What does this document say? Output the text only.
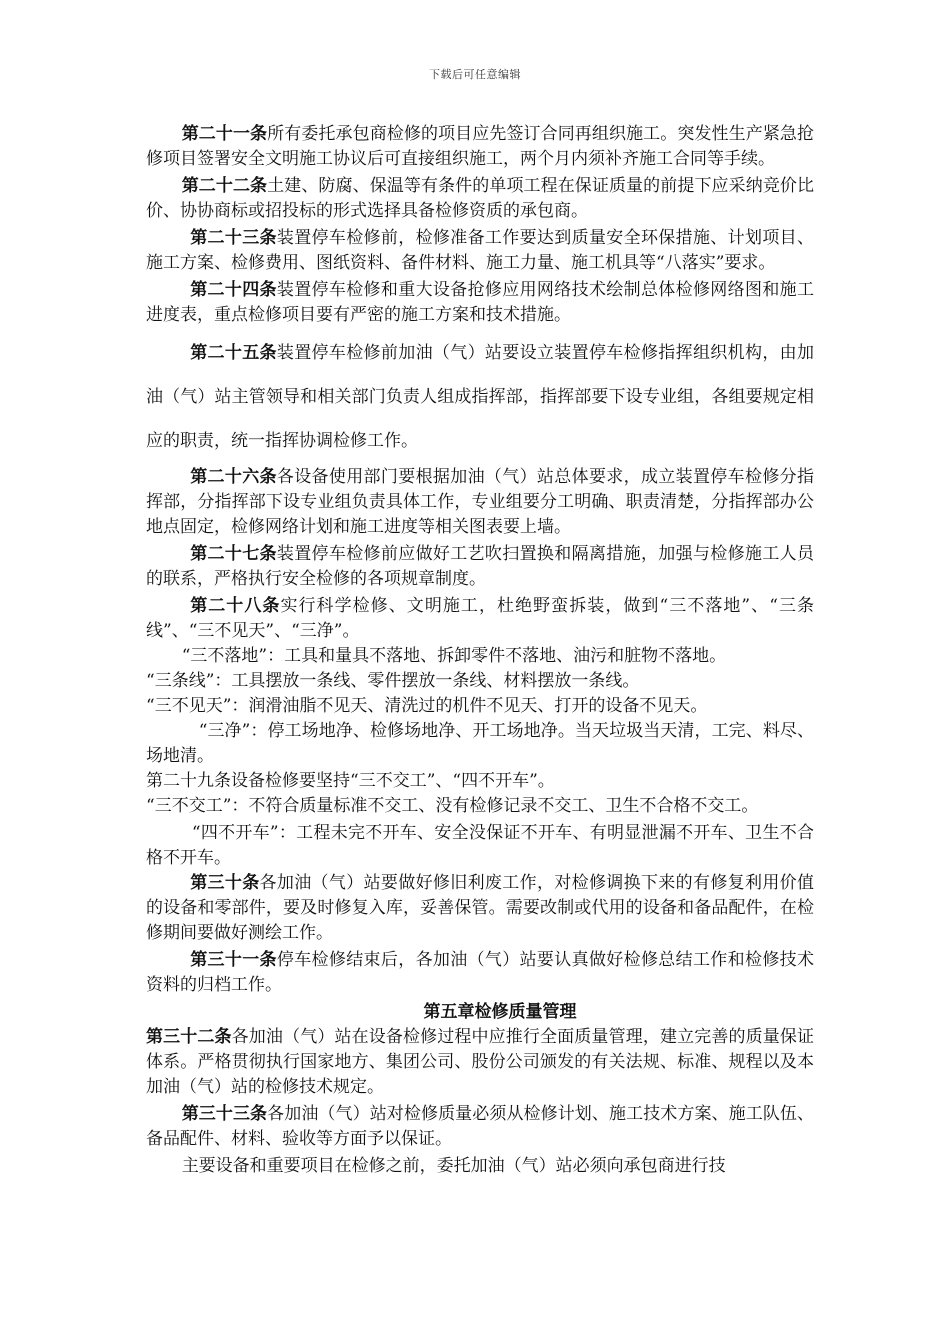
下载后可任意编辑

第二十一条所有委托承包商检修的项目应先签订合同再组织施工。突发性生产紧急抢修项目签署安全文明施工协议后可直接组织施工，两个月内须补齐施工合同等手续。

第二十二条土建、防腐、保温等有条件的单项工程在保证质量的前提下应采纳竞价比价、协协商标或招投标的形式选择具备检修资质的承包商。

第二十三条装置停车检修前，检修准备工作要达到质量安全环保措施、计划项目、施工方案、检修费用、图纸资料、备件材料、施工力量、施工机具等“八落实”要求。

第二十四条装置停车检修和重大设备抢修应用网络技术绘制总体检修网络图和施工进度表，重点检修项目要有严密的施工方案和技术措施。

第二十五条装置停车检修前加油（气）站要设立装置停车检修指挥组织机构，由加油（气）站主管领导和相关部门负责人组成指挥部，指挥部要下设专业组，各组要规定相应的职责，统一指挥协调检修工作。

第二十六条各设备使用部门要根据加油（气）站总体要求，成立装置停车检修分指挥部，分指挥部下设专业组负责具体工作，专业组要分工明确、职责清楚，分指挥部办公地点固定，检修网络计划和施工进度等相关图表要上墙。

第二十七条装置停车检修前应做好工艺吹扫置换和隔离措施，加强与检修施工人员的联系，严格执行安全检修的各项规章制度。

第二十八条实行科学检修、文明施工，杜绝野蛮拆装，做到“三不落地”、“三条线”、“三不见天”、“三净”。

“三不落地”：工具和量具不落地、拆卸零件不落地、油污和脏物不落地。

“三条线”：工具摆放一条线、零件摆放一条线、材料摆放一条线。

“三不见天”：润滑油脂不见天、清洗过的机件不见天、打开的设备不见天。

“三净”：停工场地净、检修场地净、开工场地净。当天垃圾当天清，工完、料尽、场地清。

第二十九条设备检修要坚持“三不交工”、“四不开车”。

“三不交工”：不符合质量标准不交工、没有检修记录不交工、卫生不合格不交工。

“四不开车”：工程未完不开车、安全没保证不开车、有明显泄漏不开车、卫生不合格不开车。

第三十条各加油（气）站要做好修旧利废工作，对检修调换下来的有修复利用价值的设备和零部件，要及时修复入库，妥善保管。需要改制或代用的设备和备品配件，在检修期间要做好测绘工作。

第三十一条停车检修结束后，各加油（气）站要认真做好检修总结工作和检修技术资料的归档工作。

第五章检修质量管理

第三十二条各加油（气）站在设备检修过程中应推行全面质量管理，建立完善的质量保证体系。严格贯彻执行国家地方、集团公司、股份公司颁发的有关法规、标准、规程以及本加油（气）站的检修技术规定。

第三十三条各加油（气）站对检修质量必须从检修计划、施工技术方案、施工队伍、备品配件、材料、验收等方面予以保证。

主要设备和重要项目在检修之前，委托加油（气）站必须向承包商进行技
